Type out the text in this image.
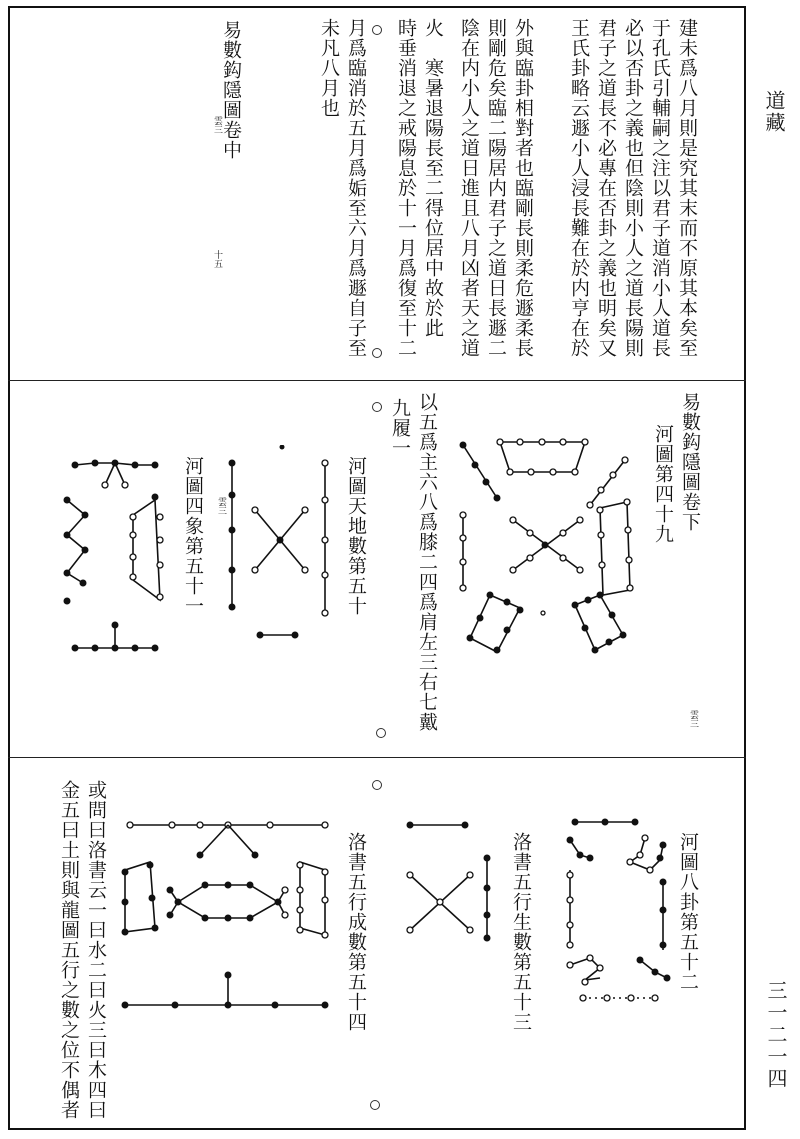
道藏
三一二一四
建未爲八月則是究其末而不原其本矣至
于孔氏引輔嗣之注以君子道消小人道長
必以否卦之義也但陰則小人之道長陽則
君子之道長不必專在否卦之義也明矣又
王氏卦略云遯小人浸長難在於内亨在於
外與臨卦相對者也臨剛長則柔危遯柔長
則剛危矣臨二陽居内君子之道日長遯二
陰在内小人之道日進且八月凶者天之道
火　寒暑退陽長至二得位居中故於此
時垂消退之戒陽息於十一月爲復至十二
月爲臨消於五月爲姤至六月爲遯自子至
未凡八月也
易數鈎隱圖卷中
雲三
十五
易數鈎隱圖卷下
河圖第四十九
雲三
以五爲主六八爲膝二四爲肩左三右七戴
九履一
河圖天地數第五十
河圖四象第五十一	雲三
河圖八卦第五十二
洛書五行生數第五十三
洛書五行成數第五十四
或問曰洛書云一曰水二曰火三曰木四曰
金五曰土則與龍圖五行之數之位不偶者
